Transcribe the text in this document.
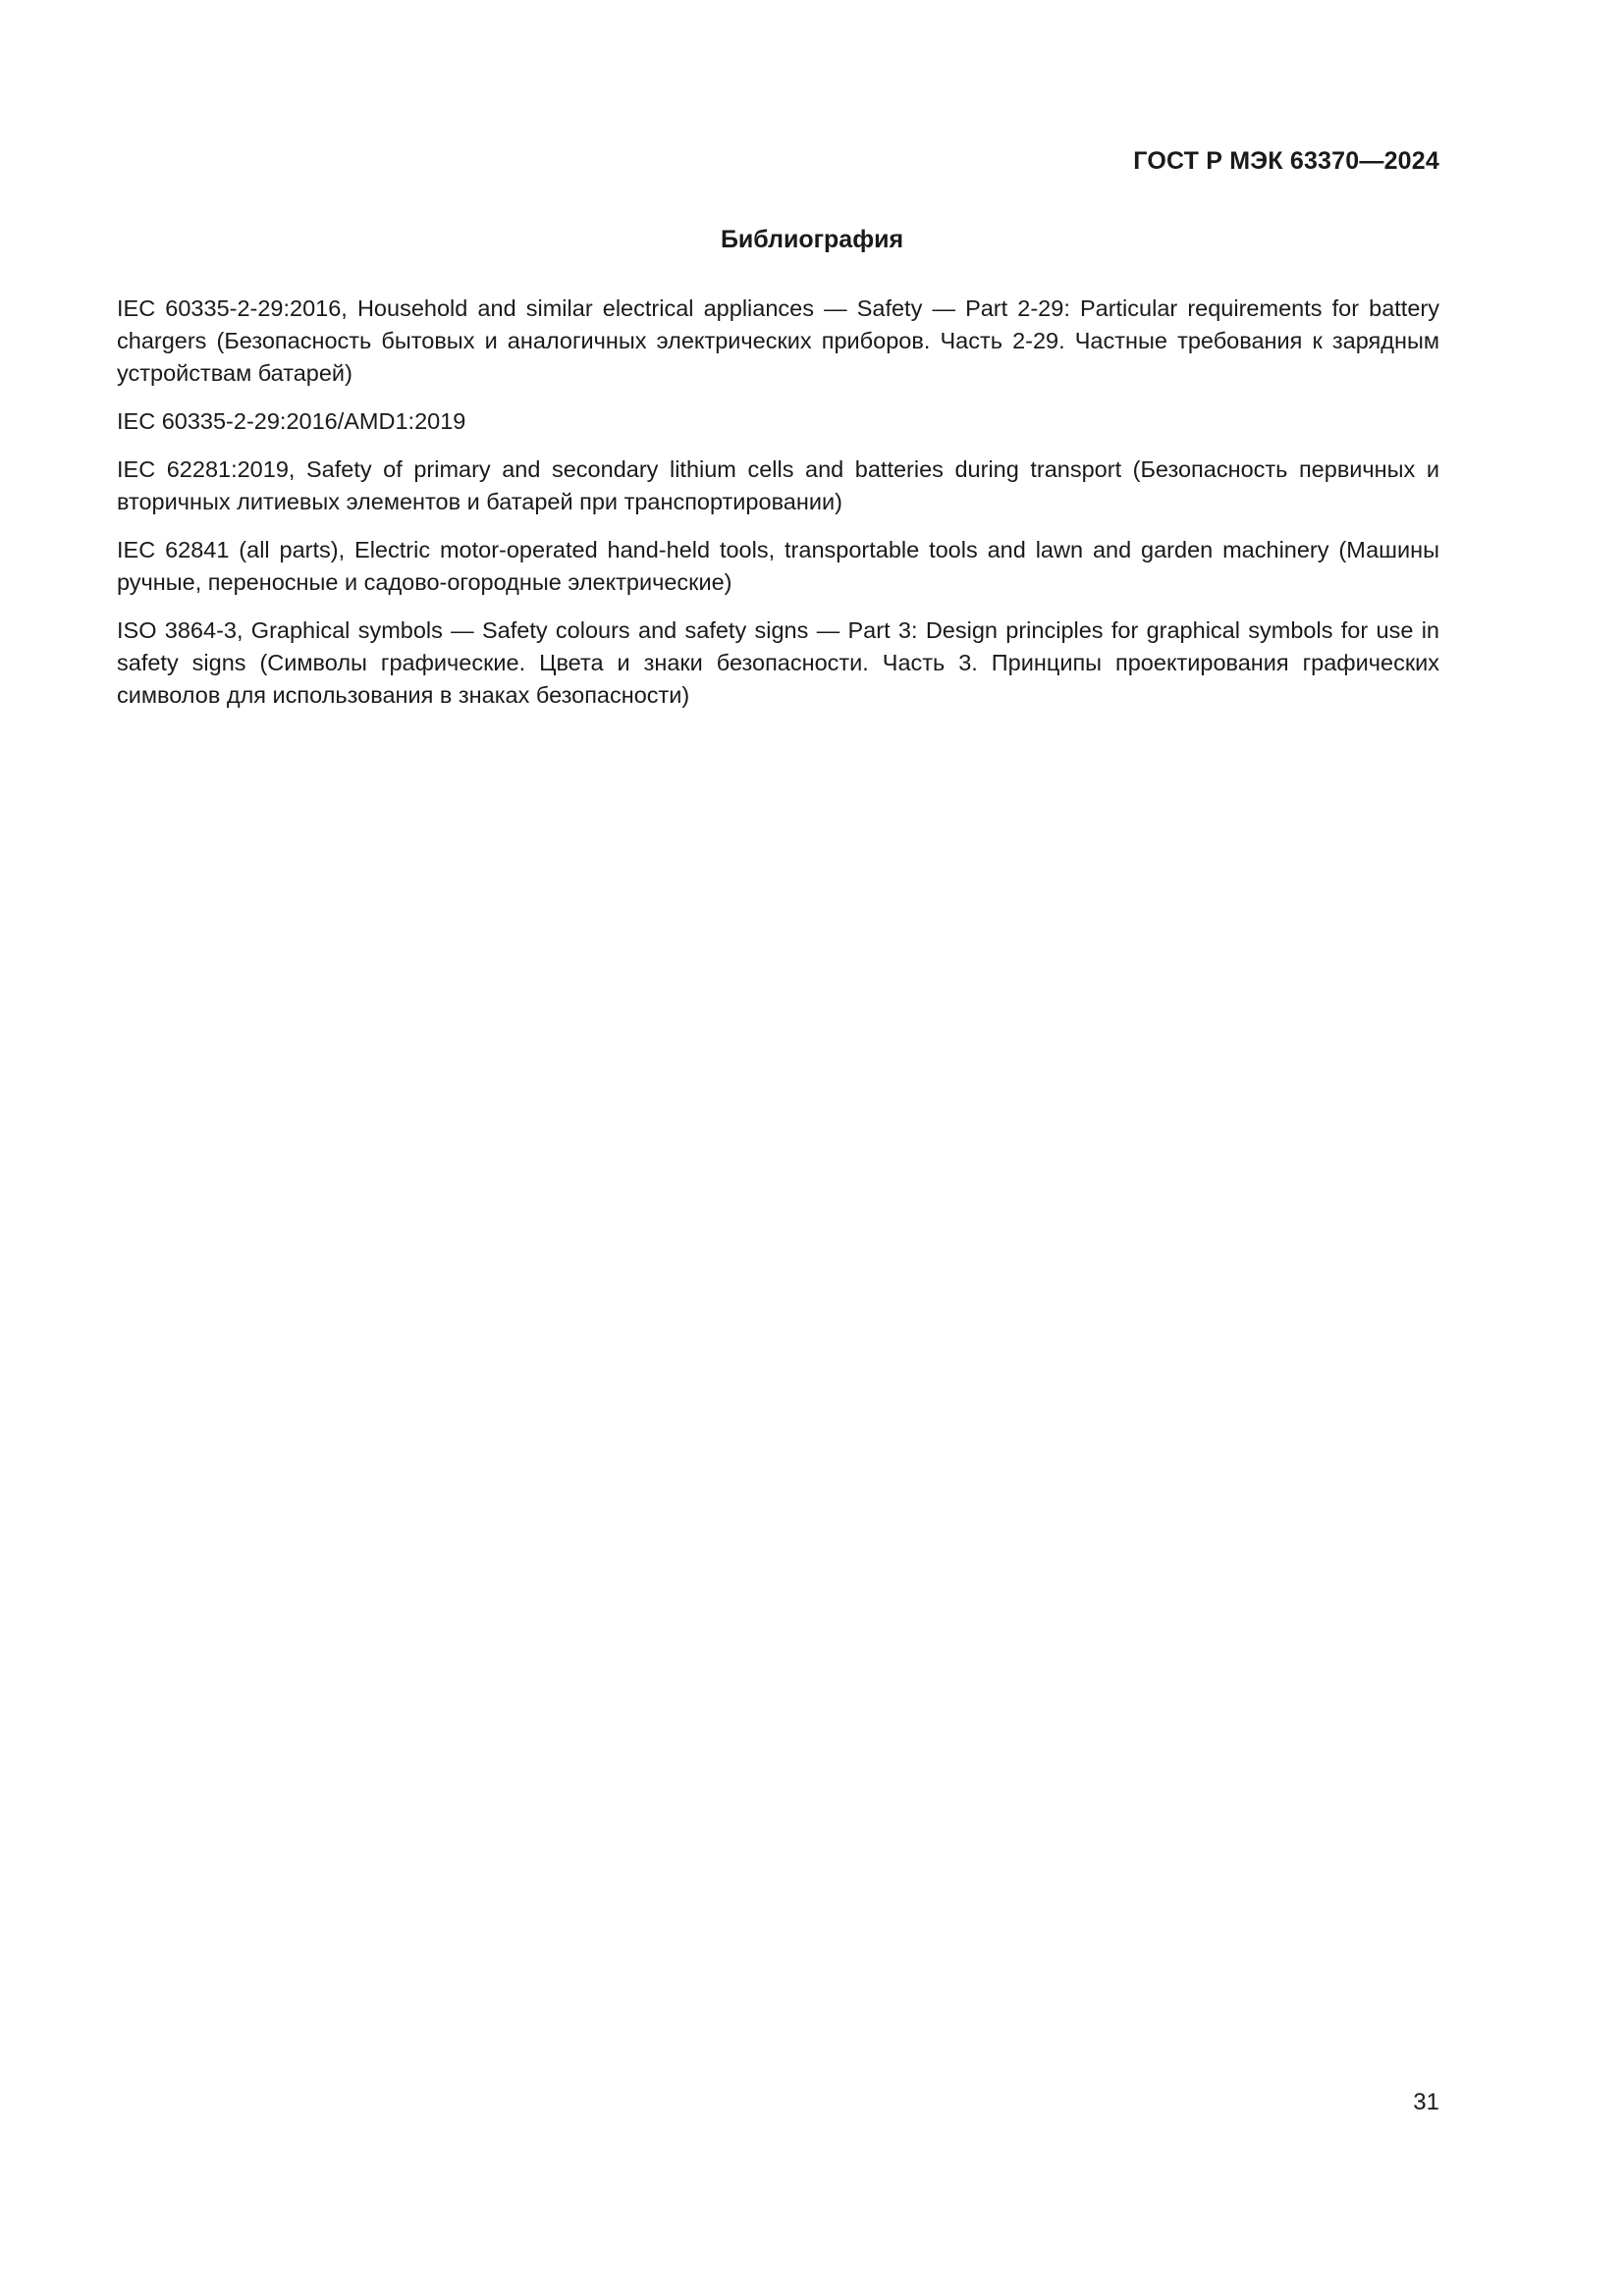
ГОСТ Р МЭК 63370—2024
Библиография
IEC 60335-2-29:2016, Household and similar electrical appliances — Safety — Part 2-29: Particular requirements for battery chargers (Безопасность бытовых и аналогичных электрических приборов. Часть 2-29. Частные требования к зарядным устройствам батарей)
IEC 60335-2-29:2016/AMD1:2019
IEC 62281:2019, Safety of primary and secondary lithium cells and batteries during transport (Безопасность первичных и вторичных литиевых элементов и батарей при транспортировании)
IEC 62841 (all parts), Electric motor-operated hand-held tools, transportable tools and lawn and garden machinery (Машины ручные, переносные и садово-огородные электрические)
ISO 3864-3, Graphical symbols — Safety colours and safety signs — Part 3: Design principles for graphical symbols for use in safety signs (Символы графические. Цвета и знаки безопасности. Часть 3. Принципы проектирования графических символов для использования в знаках безопасности)
31
